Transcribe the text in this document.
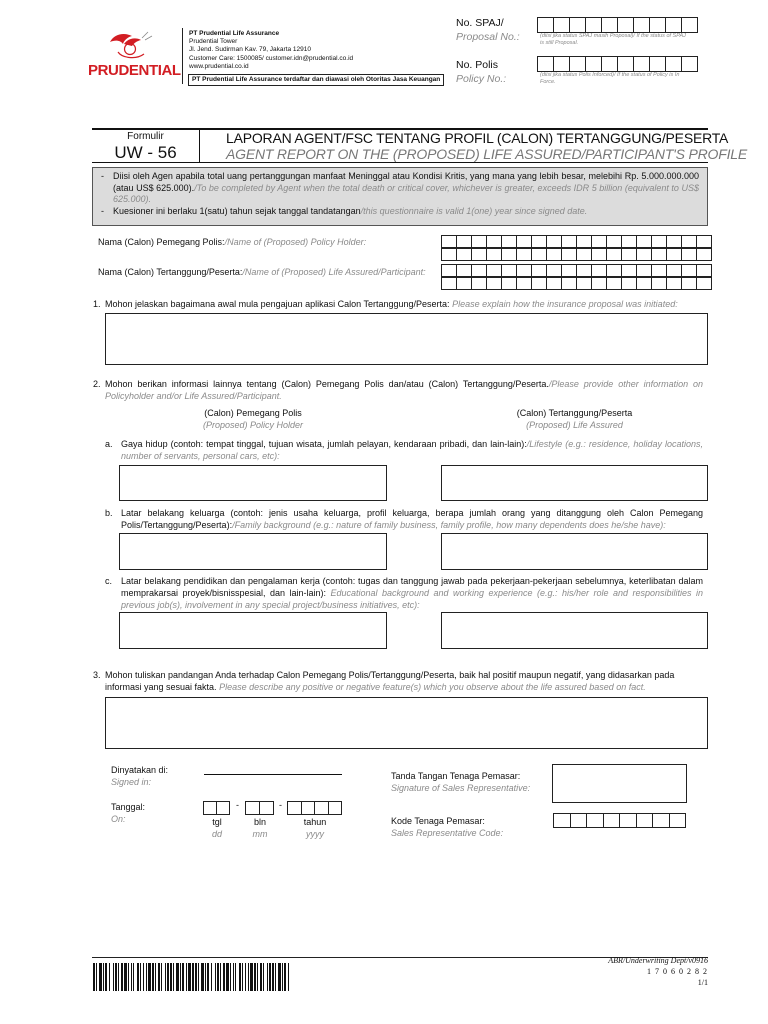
PRUDENTIAL
PT Prudential Life Assurance
Prudential Tower
Jl. Jend. Sudirman Kav. 79, Jakarta 12910
Customer Care: 1500085/ customer.idn@prudential.co.id
www.prudential.co.id
PT Prudential Life Assurance terdaftar dan diawasi oleh Otoritas Jasa Keuangan
No. SPAJ/
Proposal No.:	(diisi jika status SPAJ masih Proposal)/ If the status of SPAJ is still Proposal.
No. Polis
Policy No.:	(diisi jika status Polis Inforced)/ If the status of Policy is In Force.
Formulir
UW - 56
LAPORAN AGENT/FSC TENTANG PROFIL (CALON) TERTANGGUNG/PESERTA
AGENT REPORT ON THE (PROPOSED) LIFE ASSURED/PARTICIPANT'S PROFILE
-	Diisi oleh Agen apabila total uang pertanggungan manfaat Meninggal atau Kondisi Kritis, yang mana yang lebih besar, melebihi Rp. 5.000.000.000 (atau US$ 625.000)./To be completed by Agent when the total death or critical cover, whichever is greater, exceeds IDR 5 billion (equivalent to US$ 625.000).
-	Kuesioner ini berlaku 1(satu) tahun sejak tanggal tandatangan/this questionnaire is valid 1(one) year since signed date.
Nama (Calon) Pemegang Polis:/Name of (Proposed) Policy Holder:
Nama (Calon) Tertanggung/Peserta:/Name of (Proposed) Life Assured/Participant:
1. Mohon jelaskan bagaimana awal mula pengajuan aplikasi Calon Tertanggung/Peserta: Please explain how the insurance proposal was initiated:
2. Mohon berikan informasi lainnya tentang (Calon) Pemegang Polis dan/atau (Calon) Tertanggung/Peserta./Please provide other information on Policyholder and/or Life Assured/Participant.
(Calon) Pemegang Polis
(Proposed) Policy Holder
(Calon) Tertanggung/Peserta
(Proposed) Life Assured
a. Gaya hidup (contoh: tempat tinggal, tujuan wisata, jumlah pelayan, kendaraan pribadi, dan lain-lain):/Lifestyle (e.g.: residence, holiday locations, number of servants, personal cars, etc):
b. Latar belakang keluarga (contoh: jenis usaha keluarga, profil keluarga, berapa jumlah orang yang ditanggung oleh Calon Pemegang Polis/Tertanggung/Peserta):/Family background (e.g.: nature of family business, family profile, how many dependents does he/she have):
c. Latar belakang pendidikan dan pengalaman kerja (contoh: tugas dan tanggung jawab pada pekerjaan-pekerjaan sebelumnya, keterlibatan dalam memprakarsai proyek/bisnisspesial, dan lain-lain): Educational background and working experience (e.g.: his/her role and responsibilities in previous job(s), involvement in any special project/business initiatives, etc):
3. Mohon tuliskan pandangan Anda terhadap Calon Pemegang Polis/Tertanggung/Peserta, baik hal positif maupun negatif, yang didasarkan pada informasi yang sesuai fakta. Please describe any positive or negative feature(s) which you observe about the life assured based on fact.
Dinyatakan di:
Signed in:
Tanda Tangan Tenaga Pemasar:
Signature of Sales Representative:
Tanggal:
On:
-	-
tgl
dd
bln
mm
tahun
yyyy
Kode Tenaga Pemasar:
Sales Representative Code:
ABR/Underwriting Dept/v0916
1 7 0 6 0 2 8 2
1/1
